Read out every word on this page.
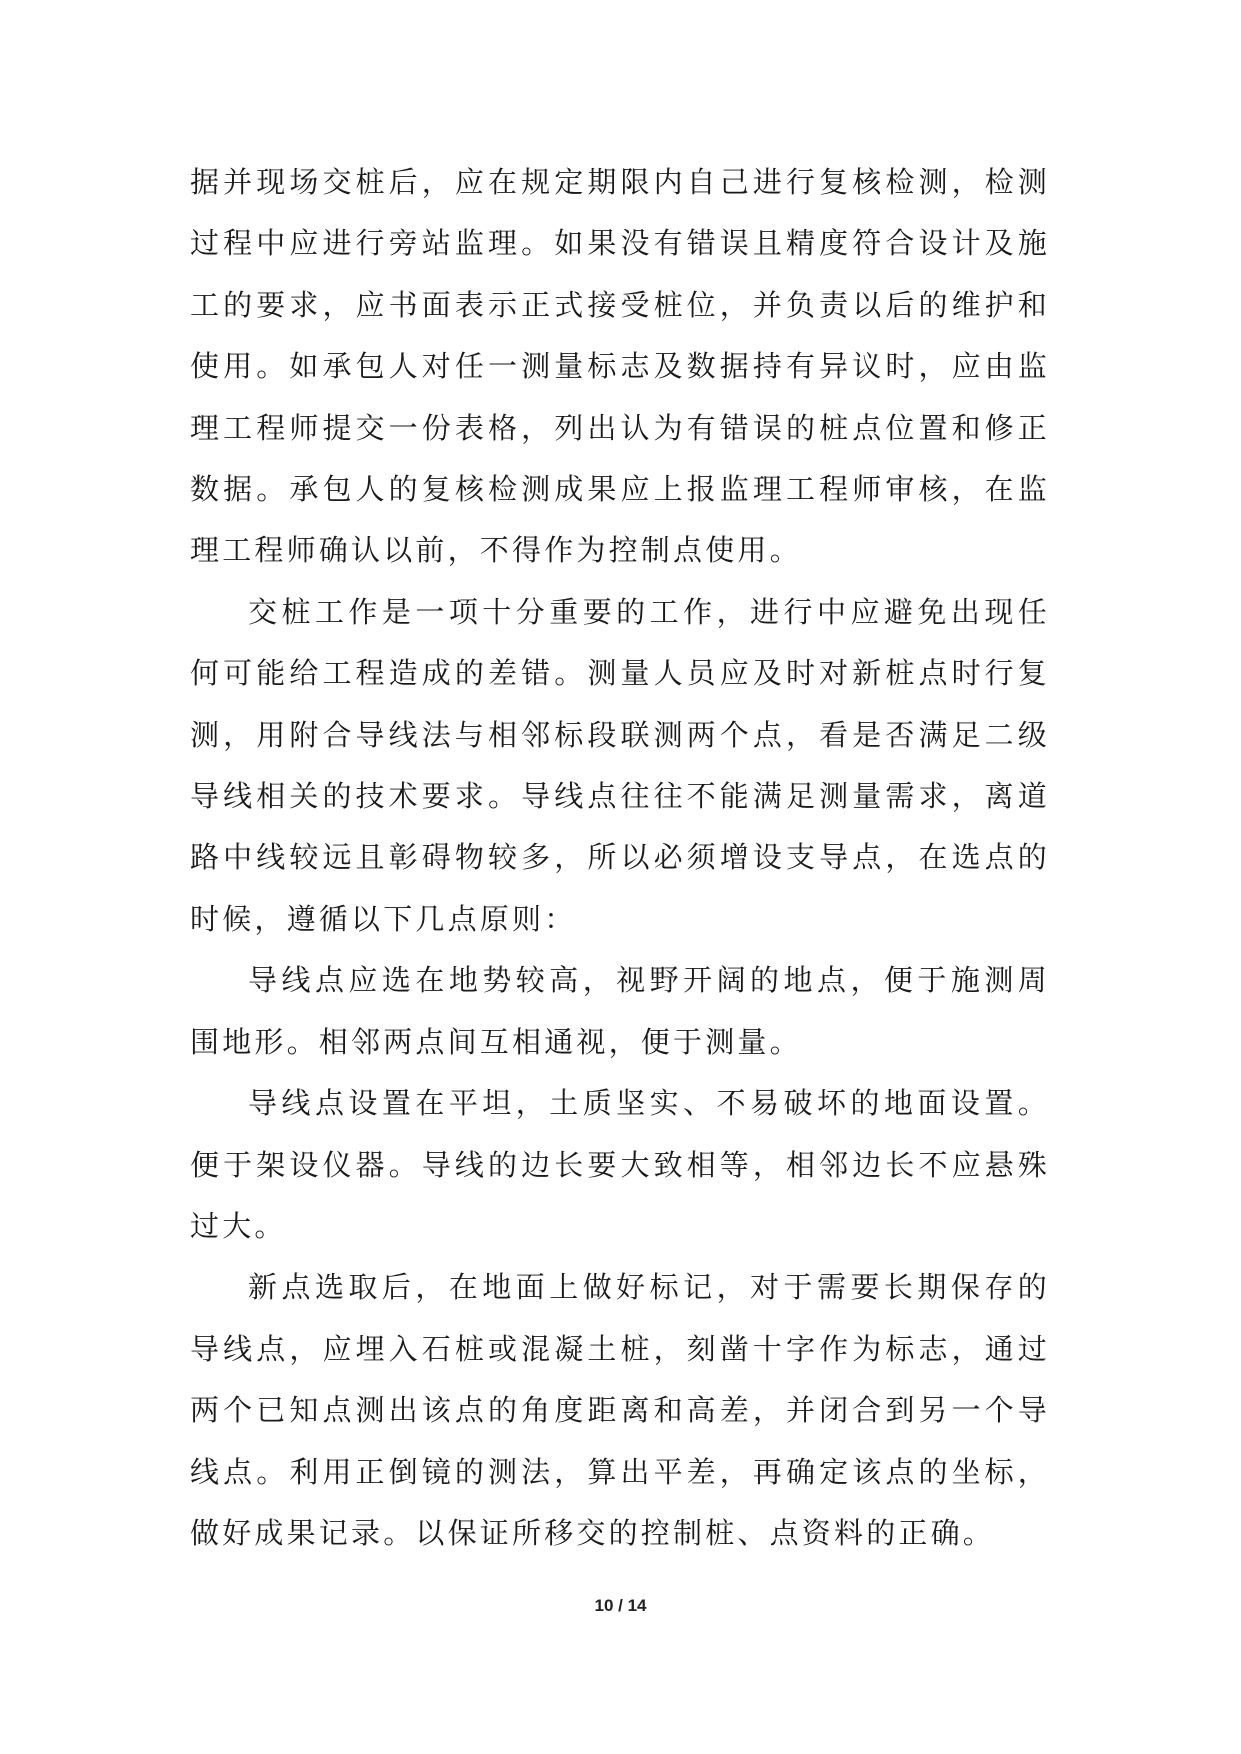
据并现场交桩后，应在规定期限内自己进行复核检测，检测过程中应进行旁站监理。如果没有错误且精度符合设计及施工的要求，应书面表示正式接受桩位，并负责以后的维护和使用。如承包人对任一测量标志及数据持有异议时，应由监理工程师提交一份表格，列出认为有错误的桩点位置和修正数据。承包人的复核检测成果应上报监理工程师审核，在监理工程师确认以前，不得作为控制点使用。

交桩工作是一项十分重要的工作，进行中应避免出现任何可能给工程造成的差错。测量人员应及时对新桩点时行复测，用附合导线法与相邻标段联测两个点，看是否满足二级导线相关的技术要求。导线点往往不能满足测量需求，离道路中线较远且彰碍物较多，所以必须增设支导点，在选点的时候，遵循以下几点原则：

导线点应选在地势较高，视野开阔的地点，便于施测周围地形。相邻两点间互相通视，便于测量。

导线点设置在平坦，土质坚实、不易破坏的地面设置。便于架设仪器。导线的边长要大致相等，相邻边长不应悬殊过大。

新点选取后，在地面上做好标记，对于需要长期保存的导线点，应埋入石桩或混凝土桩，刻凿十字作为标志，通过两个已知点测出该点的角度距离和高差，并闭合到另一个导线点。利用正倒镜的测法，算出平差，再确定该点的坐标，做好成果记录。以保证所移交的控制桩、点资料的正确。

10 / 14
